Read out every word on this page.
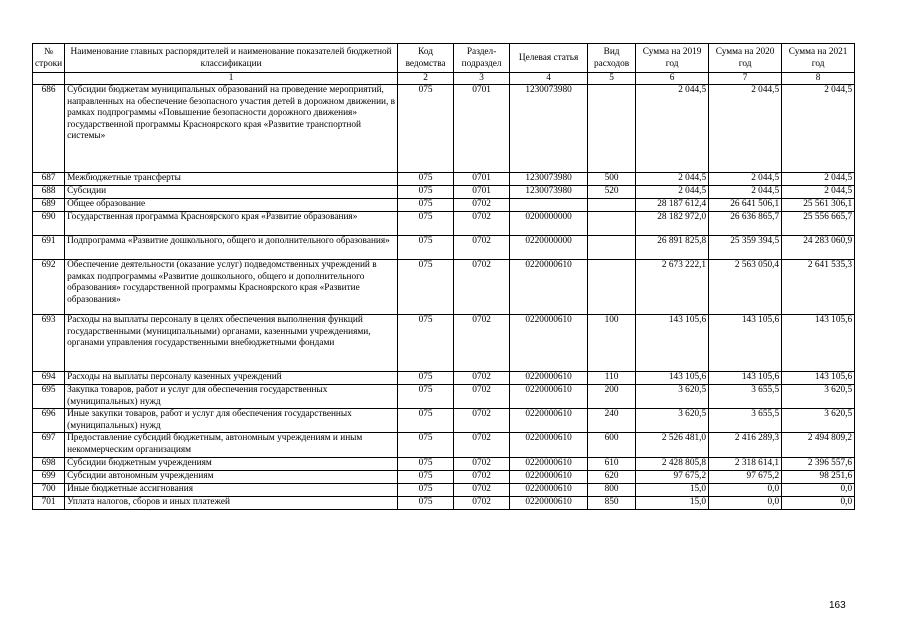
№ строки	Наименование главных распорядителей и наименование показателей бюджетной классификации	Код ведомства	Раздел-подраздел	Целевая статья	Вид расходов	Сумма на 2019 год	Сумма на 2020 год	Сумма на 2021 год
	1	2	3	4	5	6	7	8
686	Субсидии бюджетам муниципальных образований на проведение мероприятий, направленных на обеспечение безопасного участия детей в дорожном движении, в рамках подпрограммы «Повышение безопасности дорожного движения» государственной программы Красноярского края «Развитие транспортной системы»	075	0701	1230073980		2 044,5	2 044,5	2 044,5
687	Межбюджетные трансферты	075	0701	1230073980	500	2 044,5	2 044,5	2 044,5
688	Субсидии	075	0701	1230073980	520	2 044,5	2 044,5	2 044,5
689	Общее образование	075	0702			28 187 612,4	26 641 506,1	25 561 306,1
690	Государственная программа Красноярского края «Развитие образования»	075	0702	0200000000		28 182 972,0	26 636 865,7	25 556 665,7
691	Подпрограмма «Развитие дошкольного, общего и дополнительного образования»	075	0702	0220000000		26 891 825,8	25 359 394,5	24 283 060,9
692	Обеспечение деятельности (оказание услуг) подведомственных учреждений в рамках подпрограммы «Развитие дошкольного, общего и дополнительного образования» государственной программы Красноярского края «Развитие образования»	075	0702	0220000610		2 673 222,1	2 563 050,4	2 641 535,3
693	Расходы на выплаты персоналу в целях обеспечения выполнения функций государственными (муниципальными) органами, казенными учреждениями, органами управления государственными внебюджетными фондами	075	0702	0220000610	100	143 105,6	143 105,6	143 105,6
694	Расходы на выплаты персоналу казенных учреждений	075	0702	0220000610	110	143 105,6	143 105,6	143 105,6
695	Закупка товаров, работ и услуг для обеспечения государственных (муниципальных) нужд	075	0702	0220000610	200	3 620,5	3 655,5	3 620,5
696	Иные закупки товаров, работ и услуг для обеспечения государственных (муниципальных) нужд	075	0702	0220000610	240	3 620,5	3 655,5	3 620,5
697	Предоставление субсидий бюджетным, автономным учреждениям и иным некоммерческим организациям	075	0702	0220000610	600	2 526 481,0	2 416 289,3	2 494 809,2
698	Субсидии бюджетным учреждениям	075	0702	0220000610	610	2 428 805,8	2 318 614,1	2 396 557,6
699	Субсидии автономным учреждениям	075	0702	0220000610	620	97 675,2	97 675,2	98 251,6
700	Иные бюджетные ассигнования	075	0702	0220000610	800	15,0	0,0	0,0
701	Уплата налогов, сборов и иных платежей	075	0702	0220000610	850	15,0	0,0	0,0
163
